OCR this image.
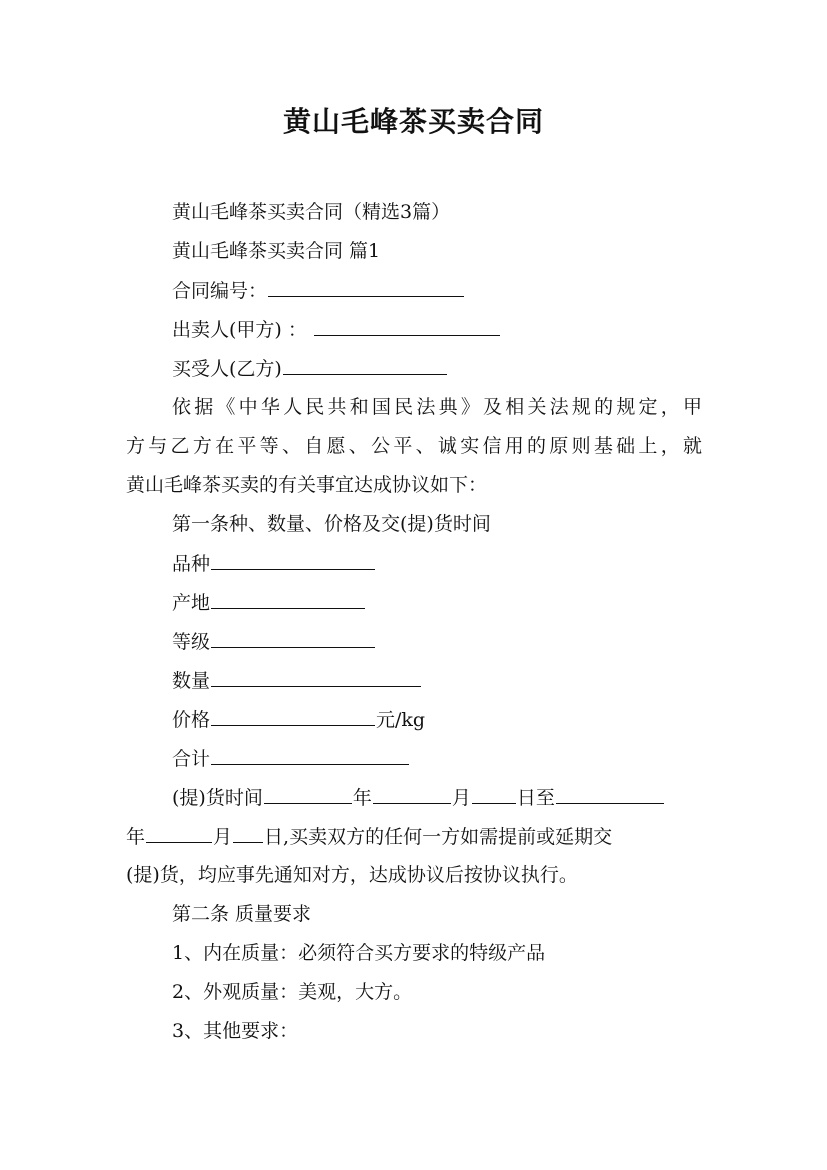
黄山毛峰茶买卖合同
黄山毛峰茶买卖合同（精选3篇）
黄山毛峰茶买卖合同 篇1
合同编号：
出卖人(甲方) ：
买受人(乙方)
依据《中华人民共和国民法典》及相关法规的规定，甲
方与乙方在平等、自愿、公平、诚实信用的原则基础上，就
黄山毛峰茶买卖的有关事宜达成协议如下：
第一条种、数量、价格及交(提)货时间
品种
产地
等级
数量
价格	元/kg
合计
(提)货时间	年	月 日至
年	月 日,买卖双方的任何一方如需提前或延期交
(提)货，均应事先通知对方，达成协议后按协议执行。
第二条 质量要求
1、内在质量：必须符合买方要求的特级产品
2、外观质量：美观，大方。
3、其他要求：
